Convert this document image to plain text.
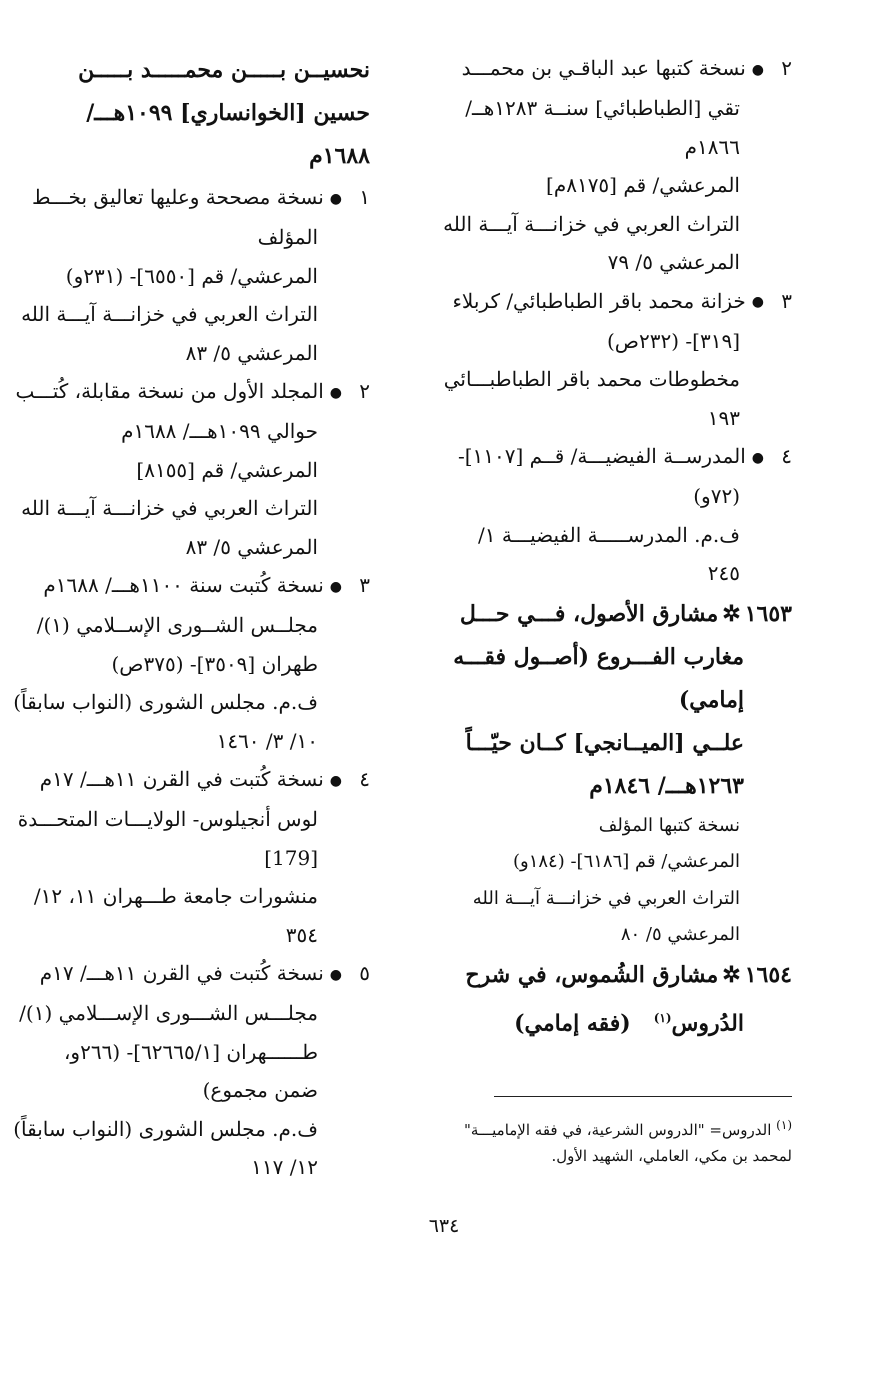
٢●نسخة كتبها عبد الباقـي بن محمـــد
تقي [الطباطبائي] سنــة ١٢٨٣هــ/
١٨٦٦م
المرعشي/ قم [٨١٧٥م]
التراث العربي في خزانـــة آيـــة الله
المرعشي ٥/ ٧٩
٣●خزانة محمد باقر الطباطبائي/ كربلاء
[٣١٩]- (٢٣٢ص)
مخطوطات محمد باقر الطباطبـــائي
١٩٣
٤●المدرســة الفيضيـــة/ قــم [١١٠٧]-
(٧٢و)
ف.م. المدرســـــة الفيضيـــة ١/
٢٤٥
١٦٥٣✲مشارق الأصول، فـــي حـــل
مغارب الفـــروع (أصــول فقـــه
إمامي)
علــي [الميــانجي] كــان حيّـــاً
١٢٦٣هـــ/ ١٨٤٦م
نسخة كتبها المؤلف
المرعشي/ قم [٦١٨٦]- (١٨٤و)
التراث العربي في خزانـــة آيـــة الله
المرعشي ٥/ ٨٠
١٦٥٤✲مشارق الشُموس، في شرح
الدُروس$^{(١)}$   (فقه إمامي)
نحسيــن بـــــن محمـــــد بـــــن
حسين [الخوانساري] ١٠٩٩هـــ/
١٦٨٨م
١●نسخة مصححة وعليها تعاليق بخـــط
المؤلف
المرعشي/ قم [٦٥٥٠]- (٢٣١و)
التراث العربي في خزانـــة آيـــة الله
المرعشي ٥/ ٨٣
٢●المجلد الأول من نسخة مقابلة، كُتـــب
حوالي ١٠٩٩هـــ/ ١٦٨٨م
المرعشي/ قم [٨١٥٥]
التراث العربي في خزانـــة آيـــة الله
المرعشي ٥/ ٨٣
٣●نسخة كُتبت سنة ١١٠٠هـــ/ ١٦٨٨م
مجلــس الشــورى الإســلامي (١)/
طهران [٣٥٠٩]- (٣٧٥ص)
ف.م. مجلس الشورى (النواب سابقاً)
١٠/ ٣/ ١٤٦٠
٤●نسخة كُتبت في القرن ١١هـــ/ ١٧م
لوس أنجيلوس- الولايـــات المتحـــدة
[179]
منشورات جامعة طـــهران ١١، ١٢/
٣٥٤
٥●نسخة كُتبت في القرن ١١هـــ/ ١٧م
مجلـــس الشـــورى الإســـلامي (١)/
طــــــهران [٦٢٦٦٥/١]- (٢٦٦و،
ضمن مجموع)
ف.م. مجلس الشورى (النواب سابقاً)
١٢/ ١١٧
$^{(١)}$ الدروس= "الدروس الشرعية، في فقه الإماميـــة"
لمحمد بن مكي، العاملي، الشهيد الأول.
٦٣٤
